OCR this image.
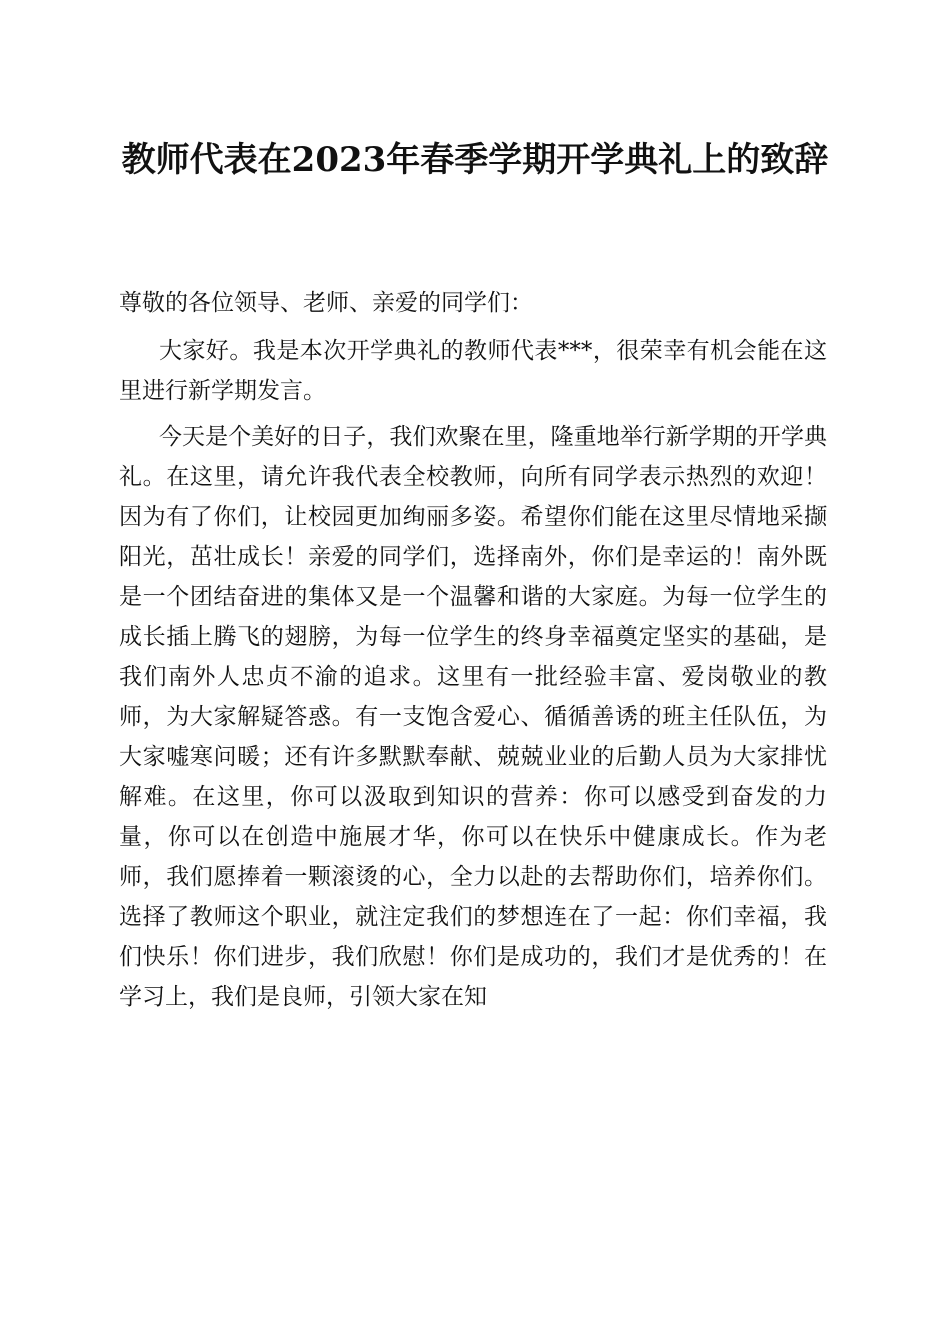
教师代表在2023年春季学期开学典礼上的致辞

尊敬的各位领导、老师、亲爱的同学们：

大家好。我是本次开学典礼的教师代表***，很荣幸有机会能在这里进行新学期发言。

今天是个美好的日子，我们欢聚在里，隆重地举行新学期的开学典礼。在这里，请允许我代表全校教师，向所有同学表示热烈的欢迎！因为有了你们，让校园更加绚丽多姿。希望你们能在这里尽情地采撷阳光，茁壮成长！亲爱的同学们，选择南外，你们是幸运的！南外既是一个团结奋进的集体又是一个温馨和谐的大家庭。为每一位学生的成长插上腾飞的翅膀，为每一位学生的终身幸福奠定坚实的基础，是我们南外人忠贞不渝的追求。这里有一批经验丰富、爱岗敬业的教师，为大家解疑答惑。有一支饱含爱心、循循善诱的班主任队伍，为大家嘘寒问暖；还有许多默默奉献、兢兢业业的后勤人员为大家排忧解难。在这里，你可以汲取到知识的营养：你可以感受到奋发的力量，你可以在创造中施展才华，你可以在快乐中健康成长。作为老师，我们愿捧着一颗滚烫的心，全力以赴的去帮助你们，培养你们。选择了教师这个职业，就注定我们的梦想连在了一起：你们幸福，我们快乐！你们进步，我们欣慰！你们是成功的，我们才是优秀的！在学习上，我们是良师，引领大家在知
